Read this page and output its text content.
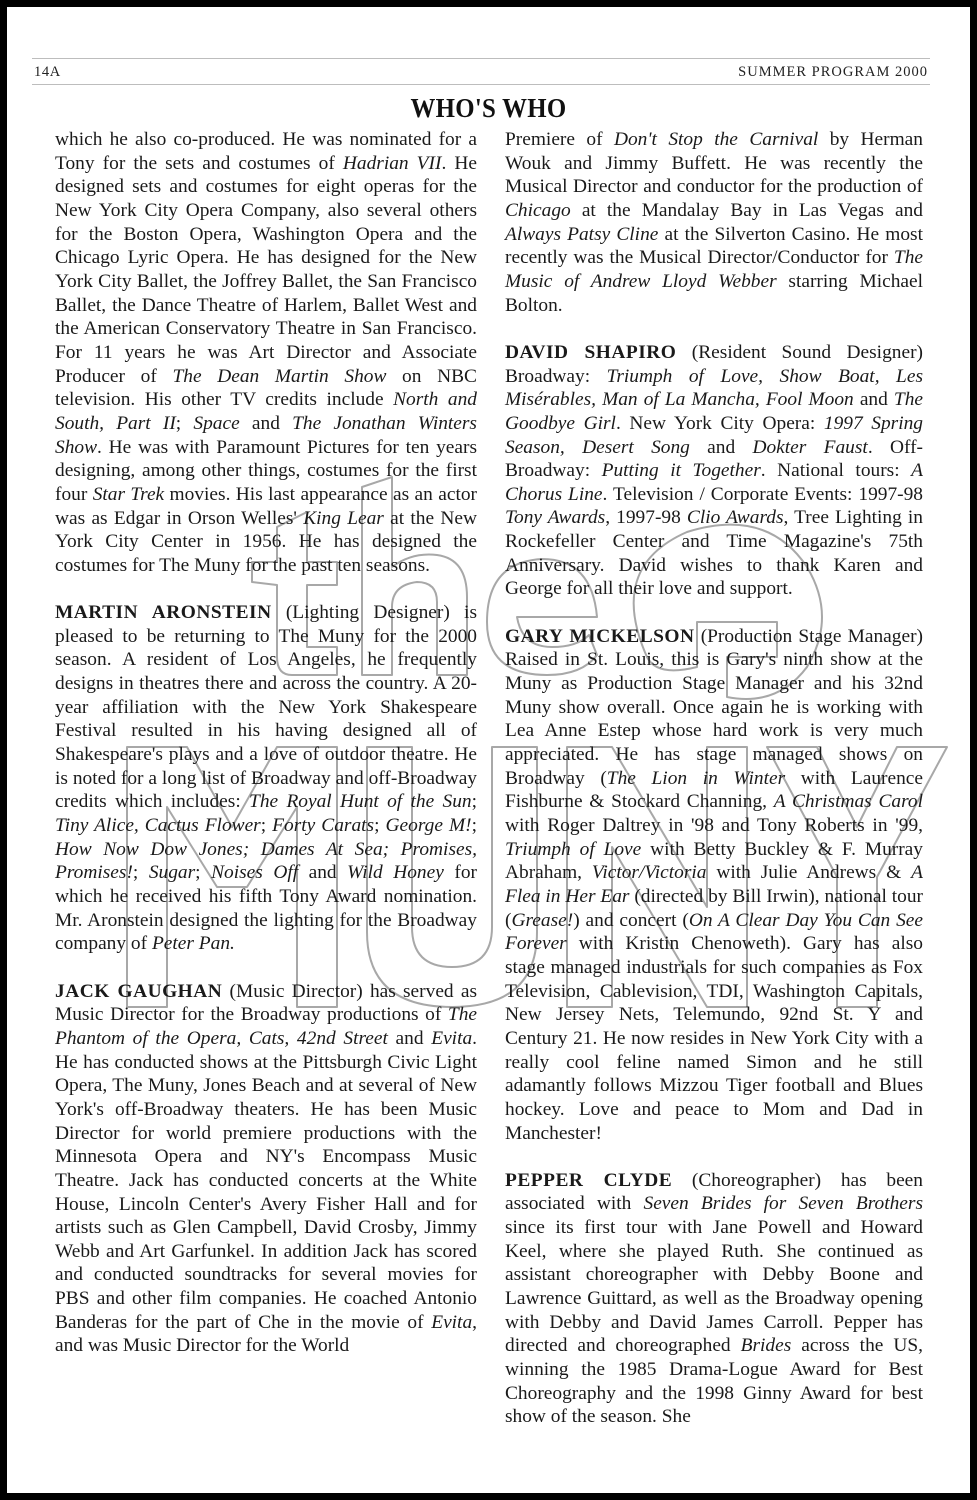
14A	SUMMER PROGRAM 2000
WHO'S WHO

which he also co-produced. He was nominated for a Tony for the sets and costumes of Hadrian VII. He designed sets and costumes for eight operas for the New York City Opera Company, also several others for the Boston Opera, Washington Opera and the Chicago Lyric Opera. He has designed for the New York City Ballet, the Joffrey Ballet, the San Francisco Ballet, the Dance Theatre of Harlem, Ballet West and the American Conservatory Theatre in San Francisco. For 11 years he was Art Director and Associate Producer of The Dean Martin Show on NBC television. His other TV credits include North and South, Part II; Space and The Jonathan Winters Show. He was with Paramount Pictures for ten years designing, among other things, costumes for the first four Star Trek movies. His last appearance as an actor was as Edgar in Orson Welles' King Lear at the New York City Center in 1956. He has designed the costumes for The Muny for the past ten seasons.

MARTIN ARONSTEIN (Lighting Designer) is pleased to be returning to The Muny for the 2000 season. A resident of Los Angeles, he frequently designs in theatres there and across the country. A 20-year affiliation with the New York Shakespeare Festival resulted in his having designed all of Shakespeare's plays and a love of outdoor theatre. He is noted for a long list of Broadway and off-Broadway credits which includes: The Royal Hunt of the Sun; Tiny Alice, Cactus Flower; Forty Carats; George M!; How Now Dow Jones; Dames At Sea; Promises, Promises!; Sugar; Noises Off and Wild Honey for which he received his fifth Tony Award nomination. Mr. Aronstein designed the lighting for the Broadway company of Peter Pan.

JACK GAUGHAN (Music Director) has served as Music Director for the Broadway productions of The Phantom of the Opera, Cats, 42nd Street and Evita. He has conducted shows at the Pittsburgh Civic Light Opera, The Muny, Jones Beach and at several of New York's off-Broadway theaters. He has been Music Director for world premiere productions with the Minnesota Opera and NY's Encompass Music Theatre. Jack has conducted concerts at the White House, Lincoln Center's Avery Fisher Hall and for artists such as Glen Campbell, David Crosby, Jimmy Webb and Art Garfunkel. In addition Jack has scored and conducted soundtracks for several movies for PBS and other film companies. He coached Antonio Banderas for the part of Che in the movie of Evita, and was Music Director for the World

Premiere of Don't Stop the Carnival by Herman Wouk and Jimmy Buffett. He was recently the Musical Director and conductor for the production of Chicago at the Mandalay Bay in Las Vegas and Always Patsy Cline at the Silverton Casino. He most recently was the Musical Director/Conductor for The Music of Andrew Lloyd Webber starring Michael Bolton.

DAVID SHAPIRO (Resident Sound Designer) Broadway: Triumph of Love, Show Boat, Les Misérables, Man of La Mancha, Fool Moon and The Goodbye Girl. New York City Opera: 1997 Spring Season, Desert Song and Dokter Faust. Off-Broadway: Putting it Together. National tours: A Chorus Line. Television / Corporate Events: 1997-98 Tony Awards, 1997-98 Clio Awards, Tree Lighting in Rockefeller Center and Time Magazine's 75th Anniversary. David wishes to thank Karen and George for all their love and support.

GARY MICKELSON (Production Stage Manager) Raised in St. Louis, this is Gary's ninth show at the Muny as Production Stage Manager and his 32nd Muny show overall. Once again he is working with Lea Anne Estep whose hard work is very much appreciated. He has stage managed shows on Broadway (The Lion in Winter with Laurence Fishburne & Stockard Channing, A Christmas Carol with Roger Daltrey in '98 and Tony Roberts in '99, Triumph of Love with Betty Buckley & F. Murray Abraham, Victor/Victoria with Julie Andrews & A Flea in Her Ear (directed by Bill Irwin), national tour (Grease!) and concert (On A Clear Day You Can See Forever with Kristin Chenoweth). Gary has also stage managed industrials for such companies as Fox Television, Cablevision, TDI, Washington Capitals, New Jersey Nets, Telemundo, 92nd St. Y and Century 21. He now resides in New York City with a really cool feline named Simon and he still adamantly follows Mizzou Tiger football and Blues hockey. Love and peace to Mom and Dad in Manchester!

PEPPER CLYDE (Choreographer) has been associated with Seven Brides for Seven Brothers since its first tour with Jane Powell and Howard Keel, where she played Ruth. She continued as assistant choreographer with Debby Boone and Lawrence Guittard, as well as the Broadway opening with Debby and David James Carroll. Pepper has directed and choreographed Brides across the US, winning the 1985 Drama-Logue Award for Best Choreography and the 1998 Ginny Award for best show of the season. She
